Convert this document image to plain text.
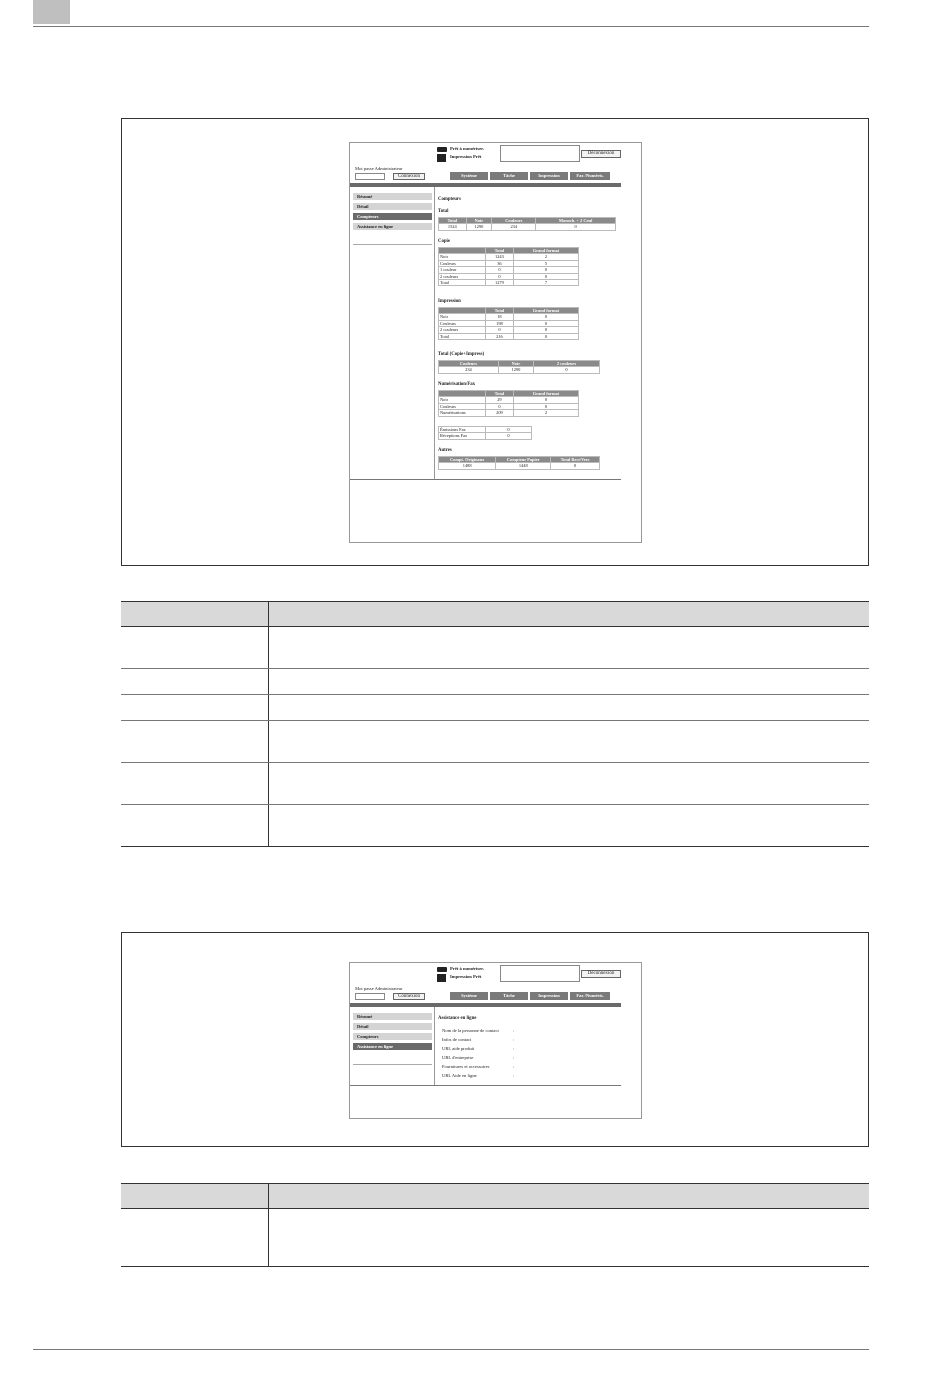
Prêt à numériser.
Impression Prêt
Déconnexion
Mot passe Administrateur
Connexion	Système	Tâche	Impression	Fax /Numéris.
Résumé
Détail
Compteurs
Assistance en ligne
Compteurs
Total
Total	Noir	Couleurs	Monoch. + 2 Coul
1524	1290	234	0
Copie
	Total	Grand format
Noir	1243	2
Couleurs	36	5
1 couleur	0	0
2 couleurs	0	0
Total	1279	7
Impression
	Total	Grand format
Noir	18	0
Couleurs	198	0
2 couleurs	0	0
Total	216	0
Total (Copie+Impress)
Couleurs	Noir	2 couleurs
234	1290	0
Numérisation/Fax
	Total	Grand format
Noir	29	0
Couleurs	0	0
Numérisations	209	2
Émissions Fax	0
Réceptions Fax	0
Autres
Compt. Originaux	Compteur Papier	Total Rect/Vers
1488	1448	0
Prêt à numériser.
Impression Prêt
Déconnexion
Mot passe Administrateur
Connexion	Système	Tâche	Impression	Fax /Numéris.
Résumé
Détail
Compteurs
Assistance en ligne
Assistance en ligne
Nom de la personne de contact	:
Infos de contact	:
URL aide produit	:
URL d'entreprise	:
Fournitures et accessoires	:
URL Aide en ligne	:
